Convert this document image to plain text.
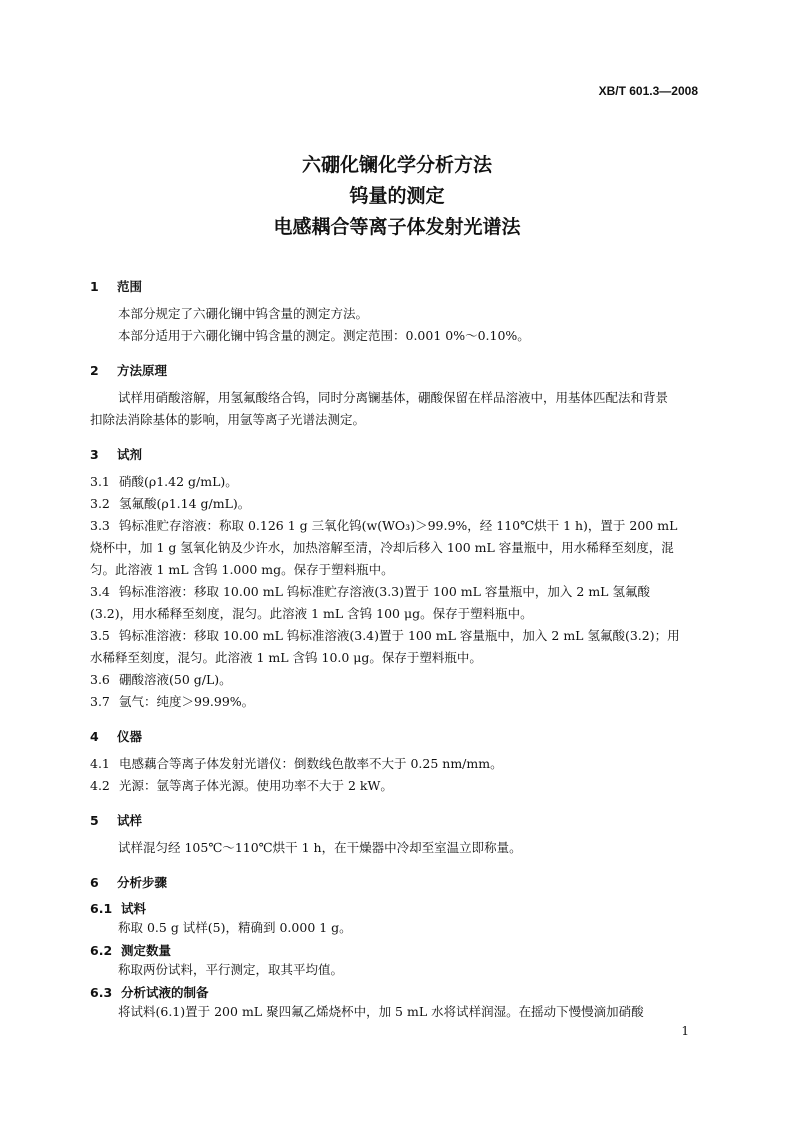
XB/T 601.3—2008
六硼化镧化学分析方法
钨量的测定
电感耦合等离子体发射光谱法
1 范围
本部分规定了六硼化镧中钨含量的测定方法。
本部分适用于六硼化镧中钨含量的测定。测定范围：0.001 0%～0.10%。
2 方法原理
试样用硝酸溶解，用氢氟酸络合钨，同时分离镧基体，硼酸保留在样品溶液中，用基体匹配法和背景
扣除法消除基体的影响，用氩等离子光谱法测定。
3 试剂
3.1 硝酸(ρ1.42 g/mL)。
3.2 氢氟酸(ρ1.14 g/mL)。
3.3 钨标准贮存溶液：称取 0.126 1 g 三氧化钨(w(WO₃)＞99.9%，经 110℃烘干 1 h)，置于 200 mL
烧杯中，加 1 g 氢氧化钠及少许水，加热溶解至清，冷却后移入 100 mL 容量瓶中，用水稀释至刻度，混
匀。此溶液 1 mL 含钨 1.000 mg。保存于塑料瓶中。
3.4 钨标准溶液：移取 10.00 mL 钨标准贮存溶液(3.3)置于 100 mL 容量瓶中，加入 2 mL 氢氟酸
(3.2)，用水稀释至刻度，混匀。此溶液 1 mL 含钨 100 μg。保存于塑料瓶中。
3.5 钨标准溶液：移取 10.00 mL 钨标准溶液(3.4)置于 100 mL 容量瓶中，加入 2 mL 氢氟酸(3.2)；用
水稀释至刻度，混匀。此溶液 1 mL 含钨 10.0 μg。保存于塑料瓶中。
3.6 硼酸溶液(50 g/L)。
3.7 氩气：纯度＞99.99%。
4 仪器
4.1 电感藕合等离子体发射光谱仪：倒数线色散率不大于 0.25 nm/mm。
4.2 光源：氩等离子体光源。使用功率不大于 2 kW。
5 试样
试样混匀经 105℃～110℃烘干 1 h，在干燥器中冷却至室温立即称量。
6 分析步骤
6.1 试料
称取 0.5 g 试样(5)，精确到 0.000 1 g。
6.2 测定数量
称取两份试料，平行测定，取其平均值。
6.3 分析试液的制备
将试料(6.1)置于 200 mL 聚四氟乙烯烧杯中，加 5 mL 水将试样润湿。在摇动下慢慢滴加硝酸
1
